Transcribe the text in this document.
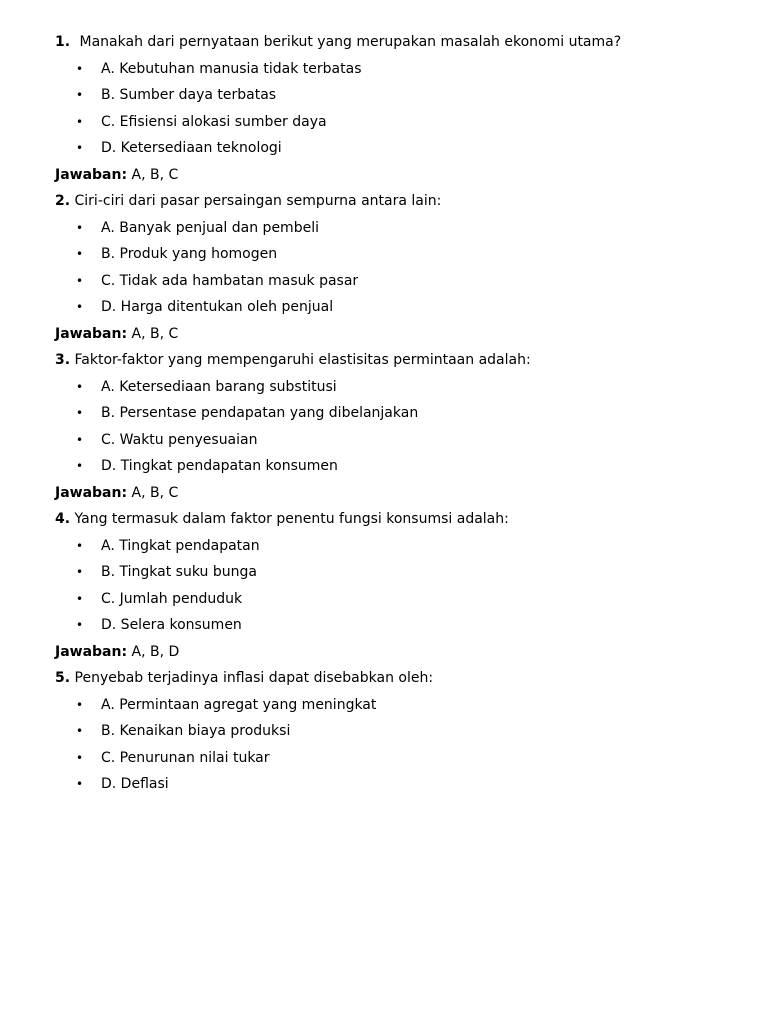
1. Manakah dari pernyataan berikut yang merupakan masalah ekonomi utama?
• A. Kebutuhan manusia tidak terbatas
• B. Sumber daya terbatas
• C. Efisiensi alokasi sumber daya
• D. Ketersediaan teknologi
Jawaban: A, B, C
2. Ciri-ciri dari pasar persaingan sempurna antara lain:
• A. Banyak penjual dan pembeli
• B. Produk yang homogen
• C. Tidak ada hambatan masuk pasar
• D. Harga ditentukan oleh penjual
Jawaban: A, B, C
3. Faktor-faktor yang mempengaruhi elastisitas permintaan adalah:
• A. Ketersediaan barang substitusi
• B. Persentase pendapatan yang dibelanjakan
• C. Waktu penyesuaian
• D. Tingkat pendapatan konsumen
Jawaban: A, B, C
4. Yang termasuk dalam faktor penentu fungsi konsumsi adalah:
• A. Tingkat pendapatan
• B. Tingkat suku bunga
• C. Jumlah penduduk
• D. Selera konsumen
Jawaban: A, B, D
5. Penyebab terjadinya inflasi dapat disebabkan oleh:
• A. Permintaan agregat yang meningkat
• B. Kenaikan biaya produksi
• C. Penurunan nilai tukar
• D. Deflasi
